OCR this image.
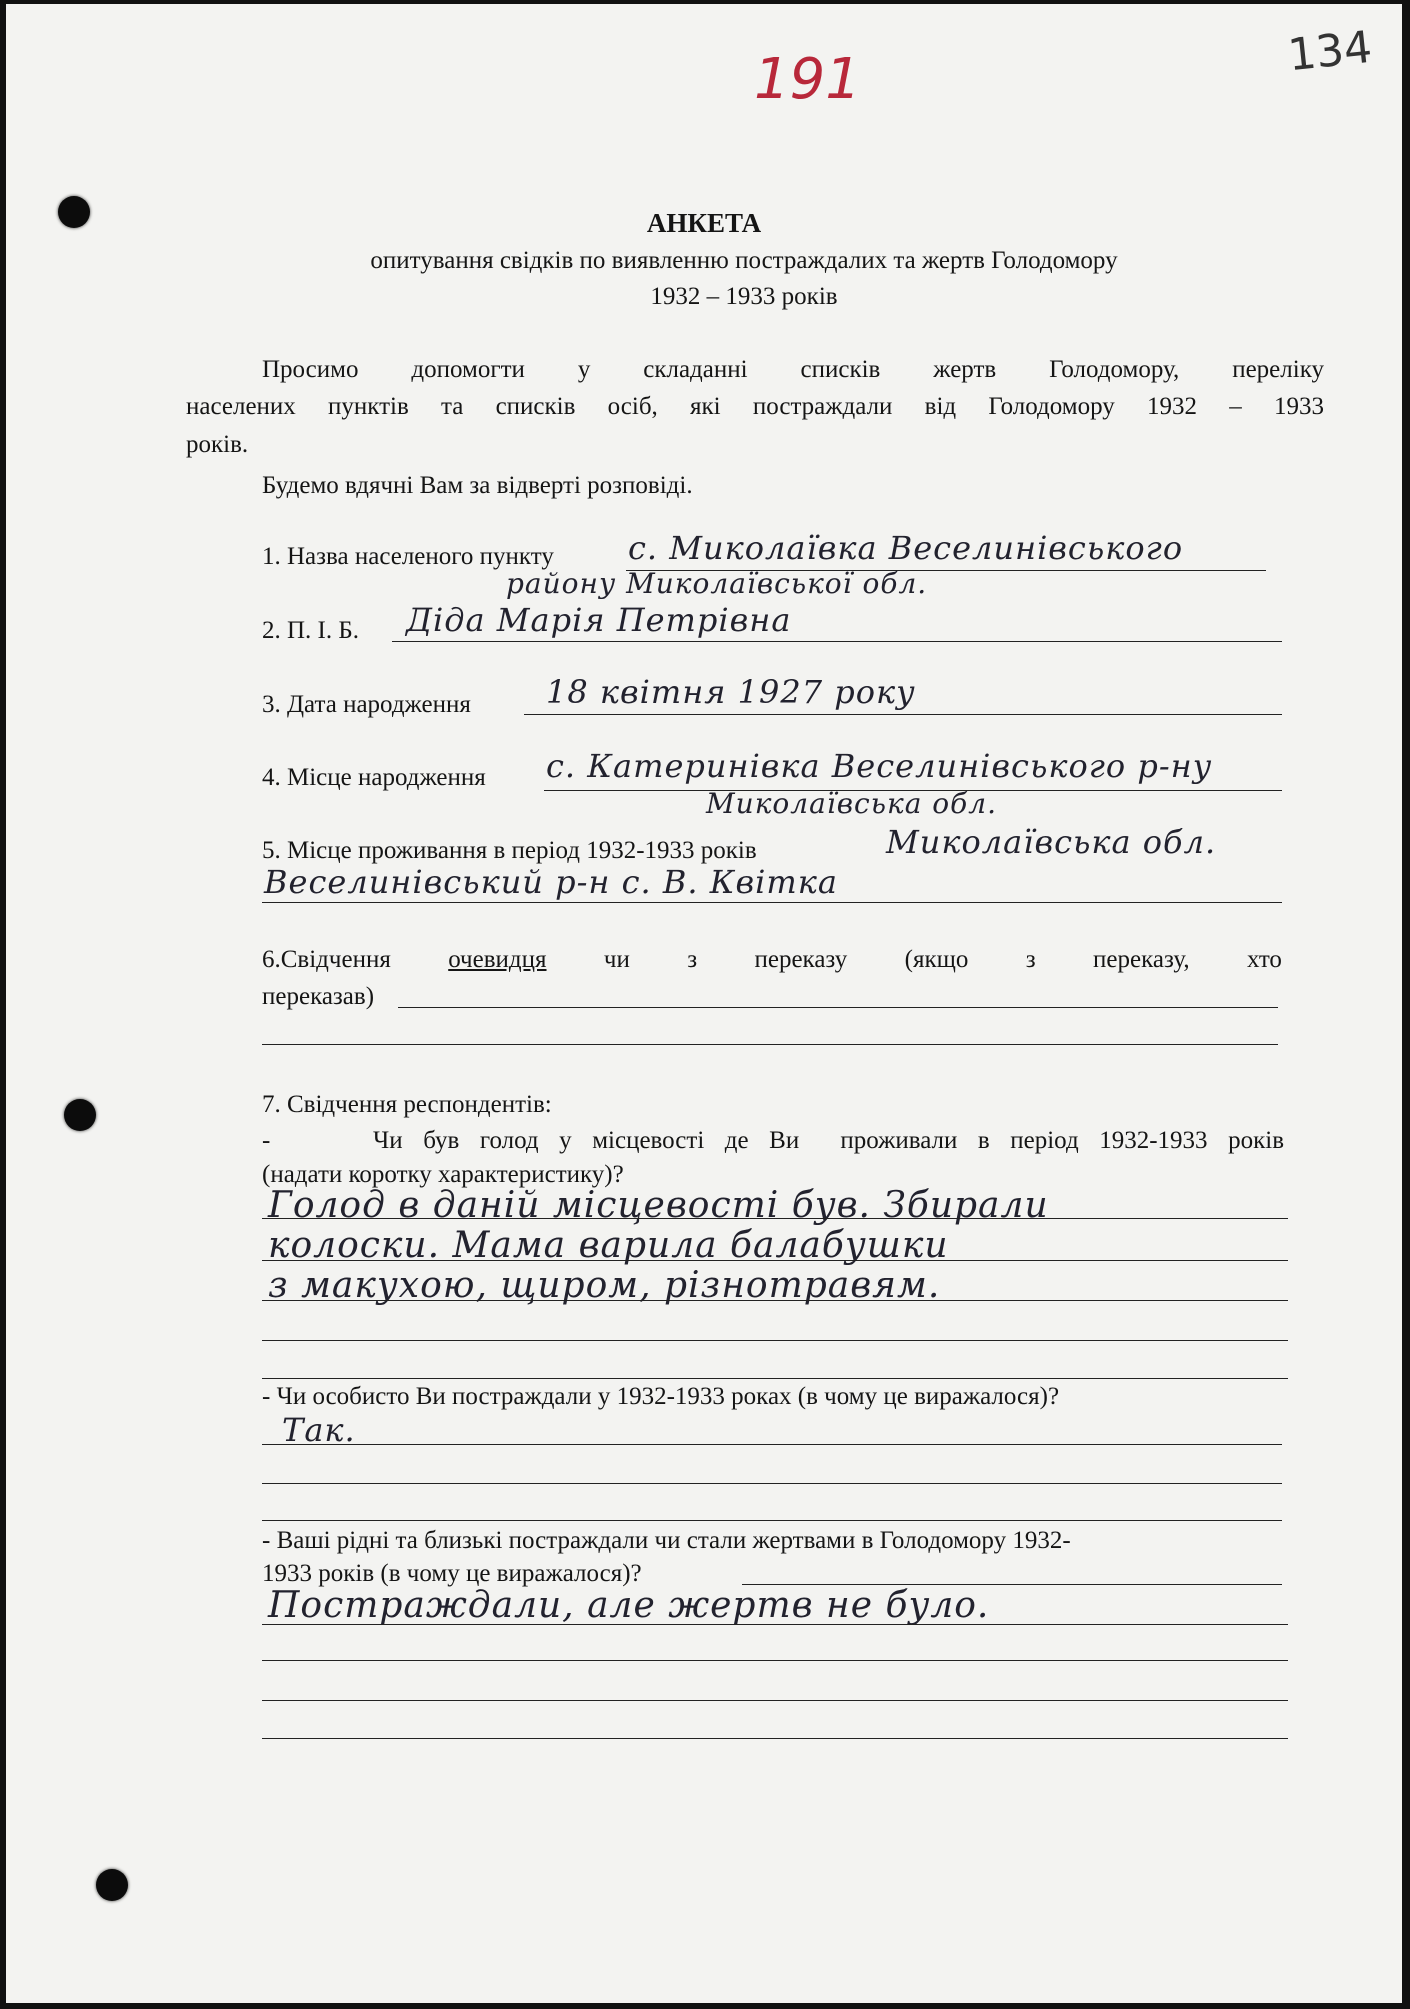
191	134
АНКЕТА
опитування свідків по виявленню постраждалих та жертв Голодомору
1932 – 1933 років
Просимо допомогти у складанні списків жертв Голодомору, переліку
населених пунктів та списків осіб, які постраждали від Голодомору 1932 – 1933
років.
Будемо вдячні Вам за відверті розповіді.
1. Назва населеного пункту с. Миколаївка Веселинівського
району Миколаївської обл.
2. П. І. Б. Діда Марія Петрівна
3. Дата народження 18 квітня 1927 року
4. Місце народження с. Катеринівка Веселинівського р-ну
Миколаївська обл.
5. Місце проживання в період 1932-1933 років	Миколаївська обл.
Веселинівський р-н с. В. Квітка
6.Свідчення очевидця чи з переказу (якщо з переказу, хто
переказав)
7. Свідчення респондентів:
-     Чи був голод у місцевості де Ви  проживали в період 1932-1933 років
(надати коротку характеристику)?
Голод в даній місцевості був. Збирали
колоски. Мама варила балабушки
з макухою, щиром, різнотравям.
- Чи особисто Ви постраждали у 1932-1933 роках (в чому це виражалося)?
Так.
- Ваші рідні та близькі постраждали чи стали жертвами в Голодомору 1932-
1933 років (в чому це виражалося)?
Постраждали, але жертв не було.
